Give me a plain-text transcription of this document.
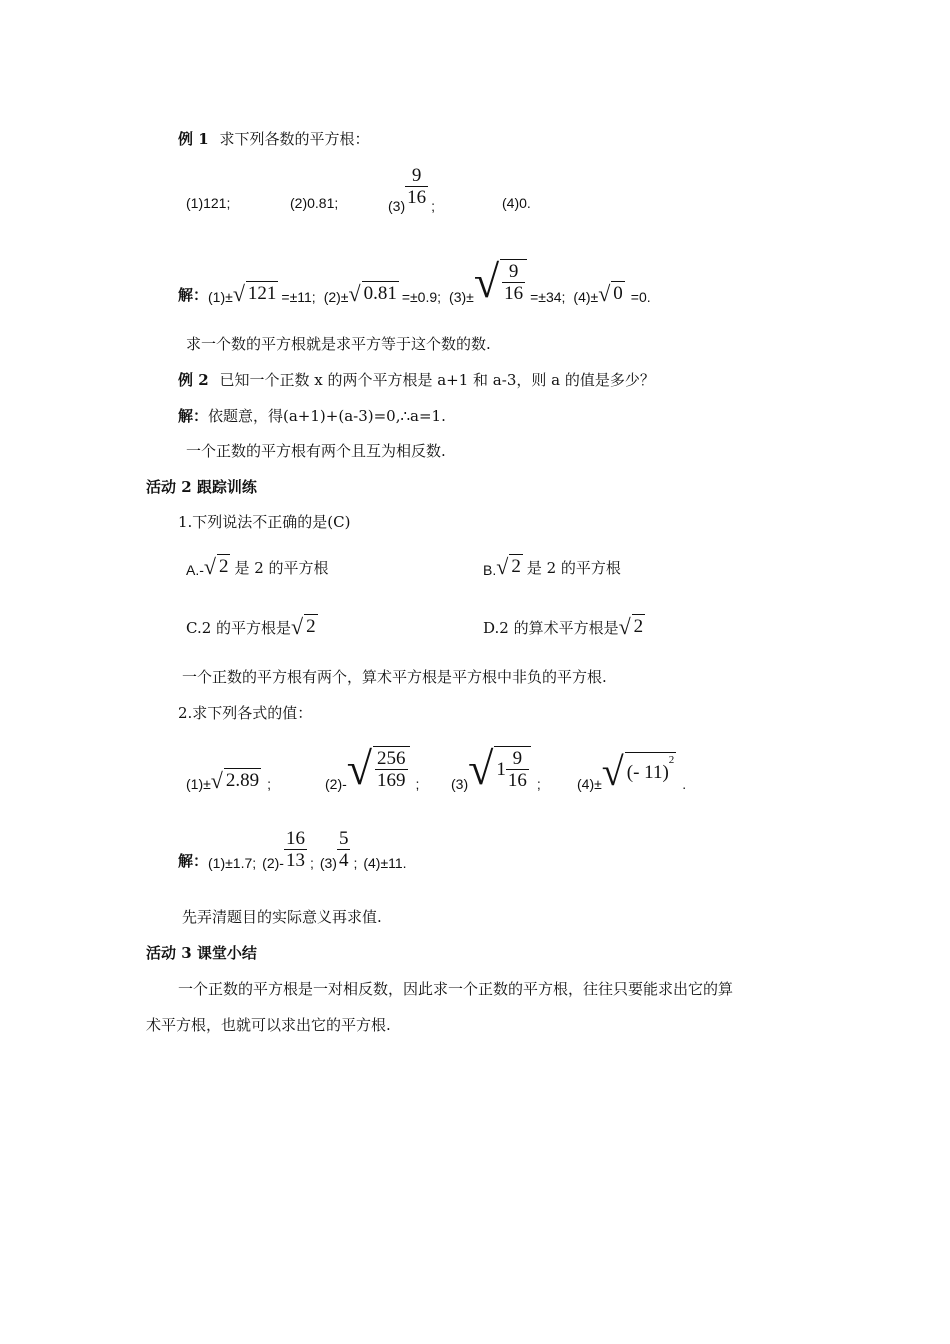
例 1 求下列各数的平方根：
(1)121;	(2)0.81;	$(3) \frac{9}{16}$ ;	(4)0.
解： (1)± √ 121 =±11; (2)± √ 0.81 =±0.9; (3)± √ $\frac{9}{16} =\pm 34$; (4)± √ 0 =0.
求一个数的平方根就是求平方等于这个数的数.
例 2 已知一个正数 x 的两个平方根是 a+1 和 a-3，则 a 的值是多少？
解：依题意，得(a+1)+(a-3)=0,∴a=1.
一个正数的平方根有两个且互为相反数.
活动 2 跟踪训练
1.下列说法不正确的是(C)
A.- √ 2 是 2 的平方根	B. √ 2 是 2 的平方根
C.2 的平方根是 √ 2	D.2 的算术平方根是 √ 2
一个正数的平方根有两个，算术平方根是平方根中非负的平方根.
2.求下列各式的值：
(1)± √ 2.89 ;	(2)- √ $\frac{256}{169}$ ; (3) √ $1 \frac{9}{16}$ ;	(4)± √ (- 11)
$^2$
.
解： (1)±1.7; $(2)- \frac{16}{13}$ ; $(3) \frac{5}{4}$ ; (4)±11.
先弄清题目的实际意义再求值.
活动 3 课堂小结
一个正数的平方根是一对相反数，因此求一个正数的平方根，往往只要能求出它的算
术平方根，也就可以求出它的平方根.
